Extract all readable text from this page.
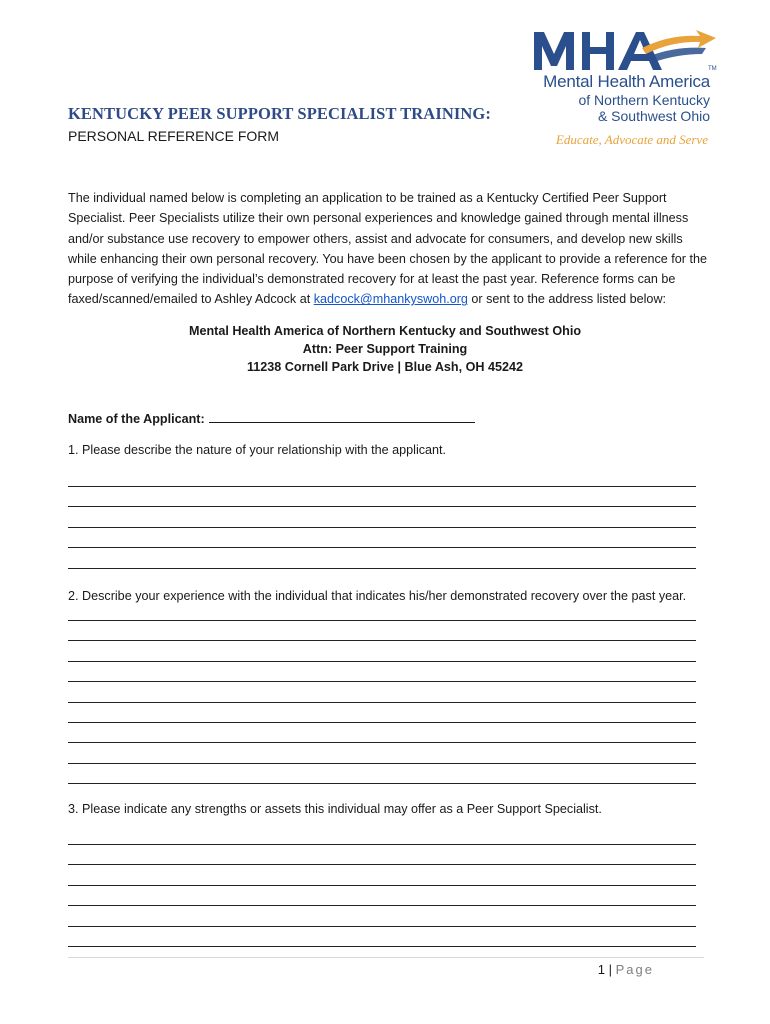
TM
Mental Health America
of Northern Kentucky
& Southwest Ohio
Educate, Advocate and Serve
KENTUCKY PEER SUPPORT SPECIALIST TRAINING:
PERSONAL REFERENCE FORM
The individual named below is completing an application to be trained as a Kentucky Certified Peer Support Specialist. Peer Specialists utilize their own personal experiences and knowledge gained through mental illness and/or substance use recovery to empower others, assist and advocate for consumers, and develop new skills while enhancing their own personal recovery. You have been chosen by the applicant to provide a reference for the purpose of verifying the individual’s demonstrated recovery for at least the past year. Reference forms can be faxed/scanned/emailed to Ashley Adcock at kadcock@mhankyswoh.org or sent to the address listed below:
Mental Health America of Northern Kentucky and Southwest Ohio
Attn: Peer Support Training
11238 Cornell Park Drive | Blue Ash, OH 45242
Name of the Applicant:
1. Please describe the nature of your relationship with the applicant.
2. Describe your experience with the individual that indicates his/her demonstrated recovery over the past year.
3. Please indicate any strengths or assets this individual may offer as a Peer Support Specialist.
1 | Page
